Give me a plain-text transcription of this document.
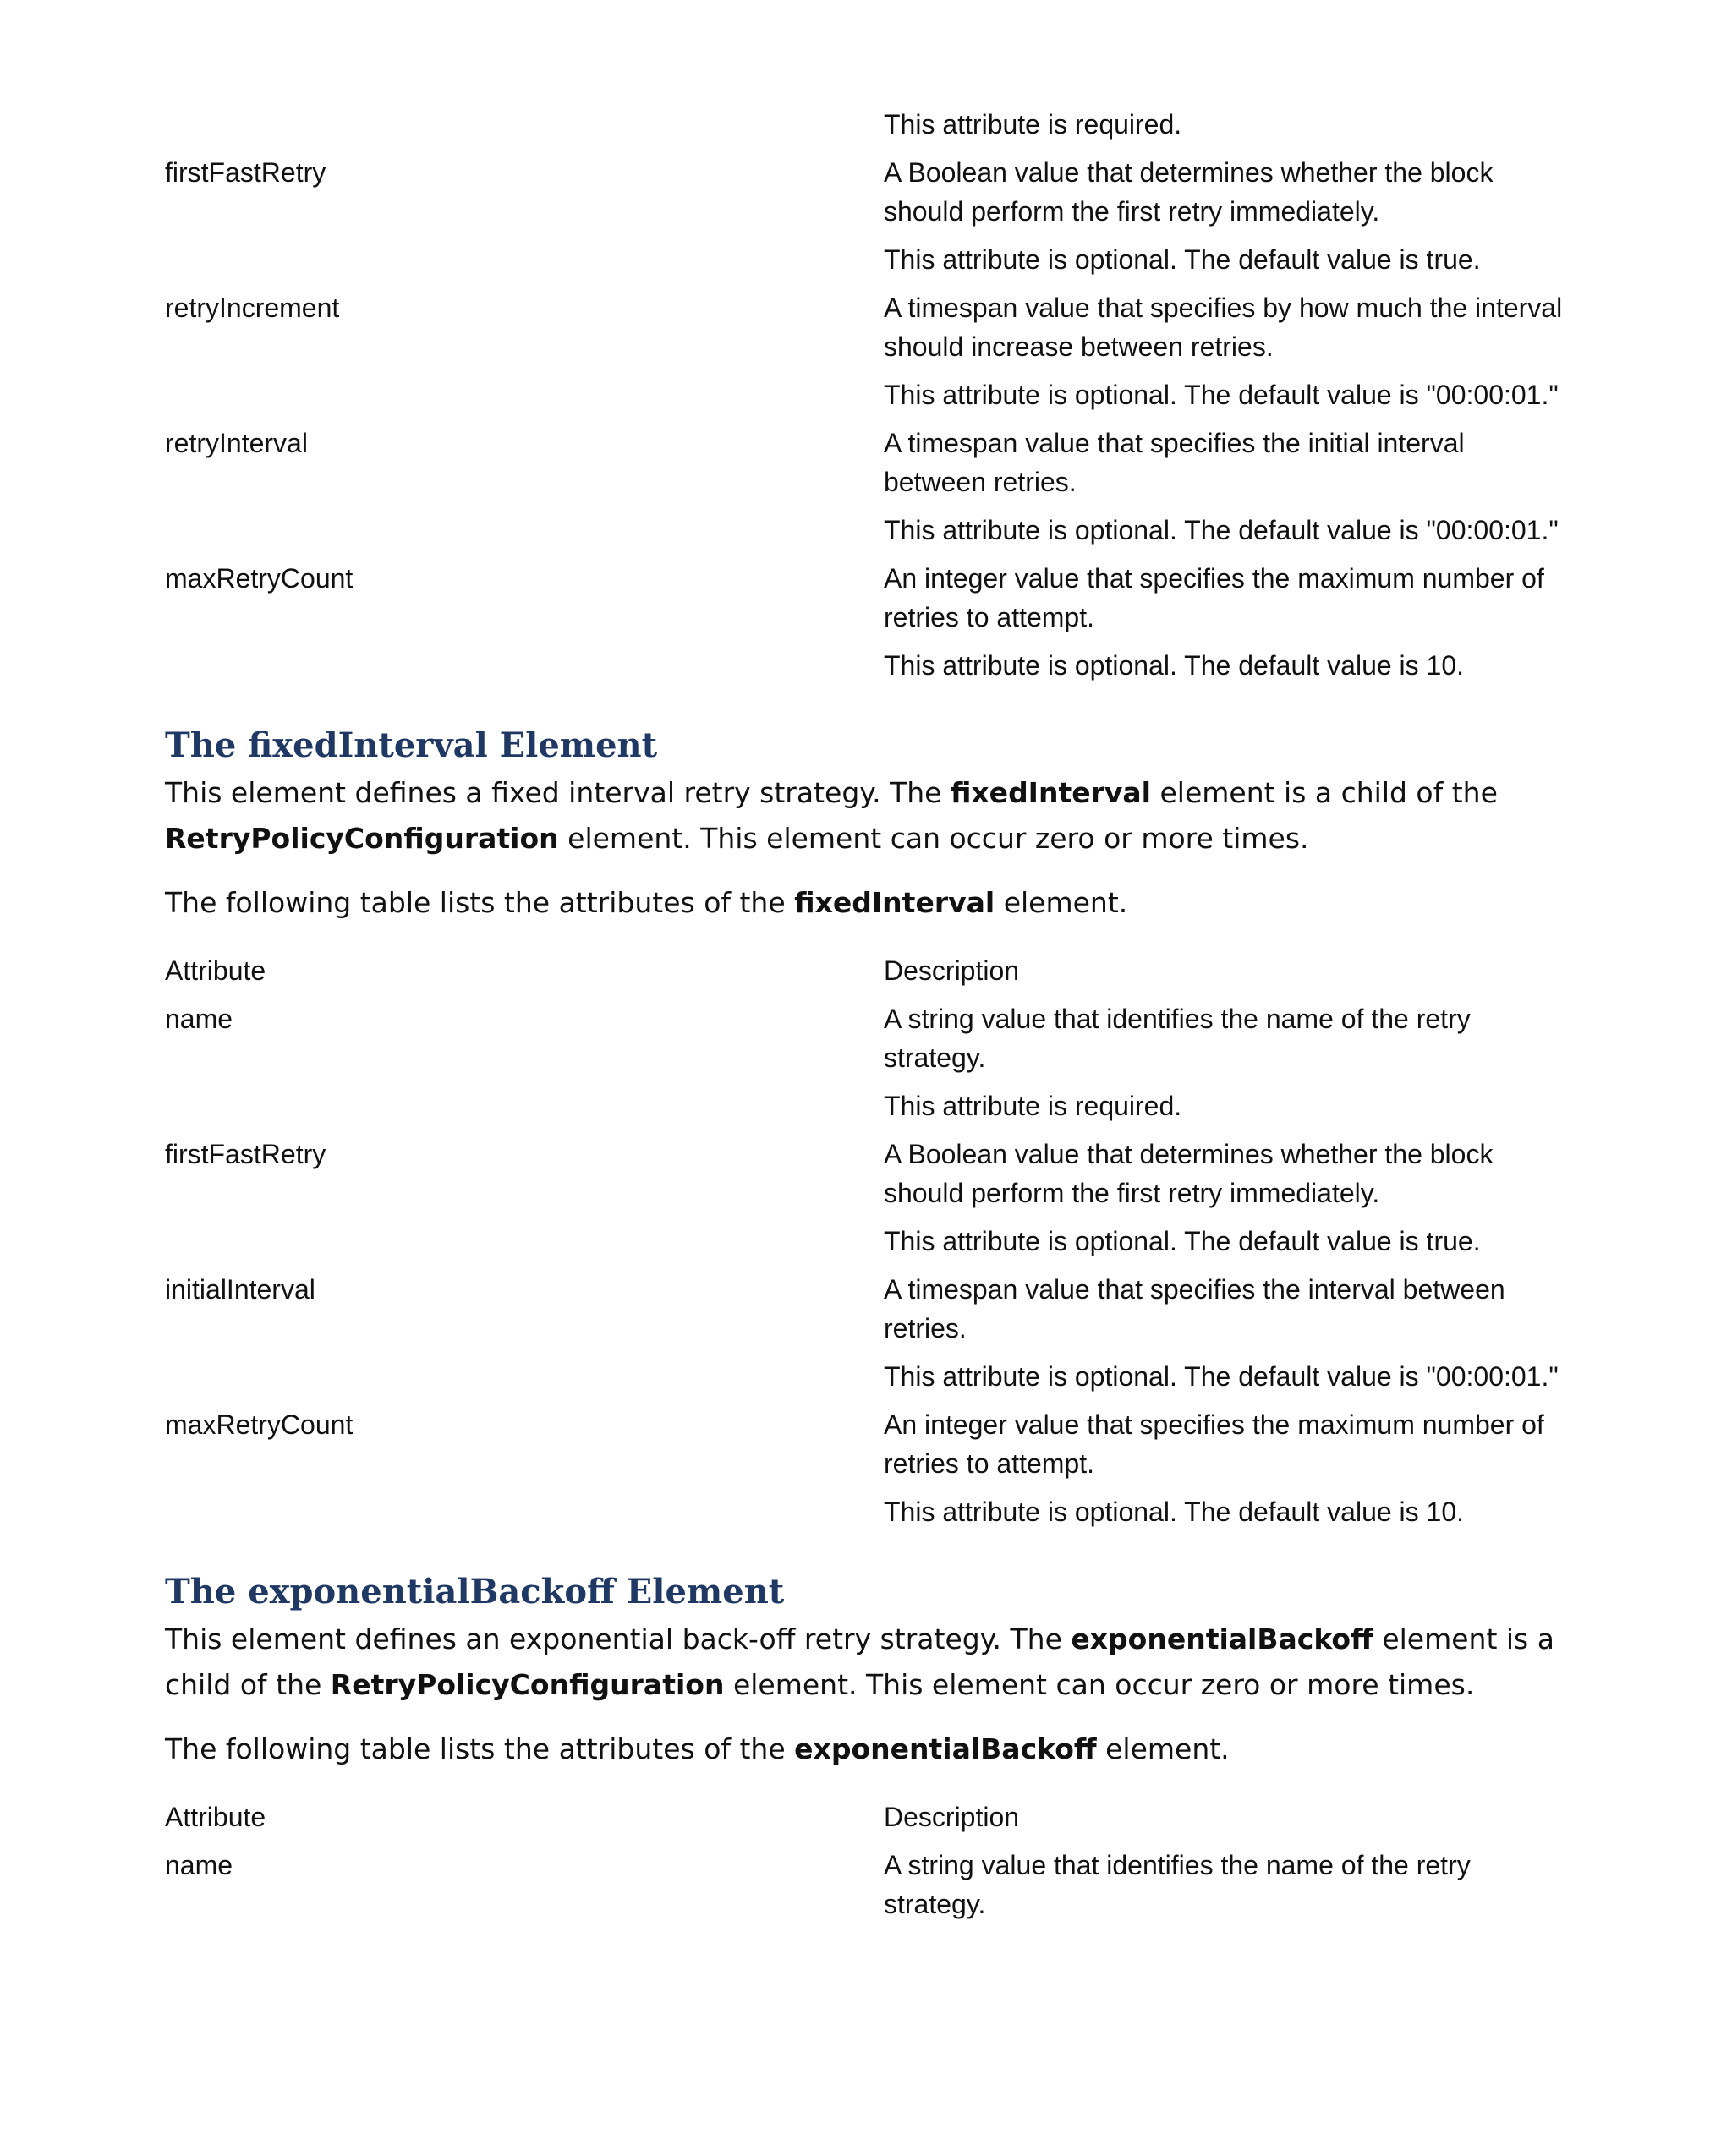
This attribute is required.

firstFastRetry	A Boolean value that determines whether the block should perform the first retry immediately.

This attribute is optional. The default value is true.

retryIncrement	A timespan value that specifies by how much the interval should increase between retries.

This attribute is optional. The default value is "00:00:01."

retryInterval	A timespan value that specifies the initial interval between retries.

This attribute is optional. The default value is "00:00:01."

maxRetryCount	An integer value that specifies the maximum number of retries to attempt.

This attribute is optional. The default value is 10.

The fixedInterval Element

This element defines a fixed interval retry strategy. The fixedInterval element is a child of the RetryPolicyConfiguration element. This element can occur zero or more times.

The following table lists the attributes of the fixedInterval element.

Attribute	Description
name	A string value that identifies the name of the retry strategy.

This attribute is required.

firstFastRetry	A Boolean value that determines whether the block should perform the first retry immediately.

This attribute is optional. The default value is true.

initialInterval	A timespan value that specifies the interval between retries.

This attribute is optional. The default value is "00:00:01."

maxRetryCount	An integer value that specifies the maximum number of retries to attempt.

This attribute is optional. The default value is 10.

The exponentialBackoff Element

This element defines an exponential back-off retry strategy. The exponentialBackoff element is a child of the RetryPolicyConfiguration element. This element can occur zero or more times.

The following table lists the attributes of the exponentialBackoff element.

Attribute	Description
name	A string value that identifies the name of the retry strategy.
